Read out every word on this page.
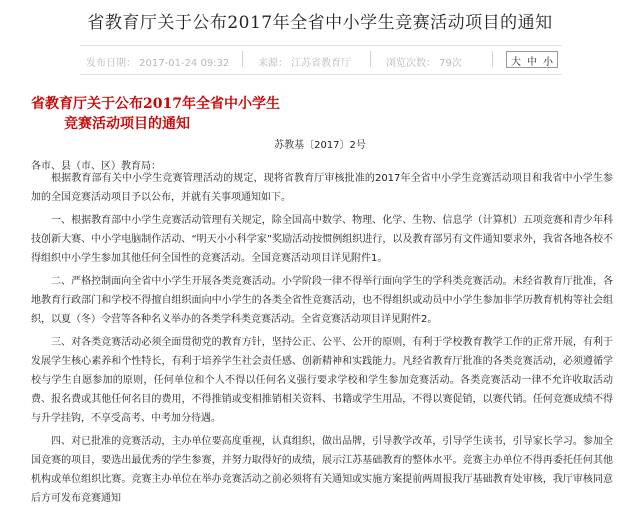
省教育厅关于公布2017年全省中小学生竞赛活动项目的通知
发布日期： 2017-01-24 09:32	来源： 江苏省教育厅	浏览次数： 79次	大 中 小
省教育厅关于公布2017年全省中小学生
竞赛活动项目的通知
苏教基〔2017〕2号
各市、县（市、区）教育局：

根据教育部有关中小学生竞赛管理活动的规定，现将省教育厅审核批准的2017年全省中小学生竞赛活动项目和我省中小学生参加的全国竞赛活动项目予以公布，并就有关事项通知如下。

一、根据教育部中小学生竞赛活动管理有关规定，除全国高中数学、物理、化学、生物、信息学（计算机）五项竞赛和青少年科技创新大赛、中小学电脑制作活动、“明天小小科学家”奖励活动按惯例组织进行，以及教育部另有文件通知要求外，我省各地各校不得组织中小学生参加其他任何全国性的竞赛活动。全国竞赛活动项目详见附件1。

二、严格控制面向全省中小学生开展各类竞赛活动。小学阶段一律不得举行面向学生的学科类竞赛活动。未经省教育厅批准，各地教育行政部门和学校不得擅自组织面向中小学生的各类全省性竞赛活动，也不得组织或动员中小学生参加非学历教育机构等社会组织，以夏（冬）令营等各种名义举办的各类学科类竞赛活动。全省竞赛活动项目详见附件2。

三、对各类竞赛活动必须全面贯彻党的教育方针，坚持公正、公平、公开的原则，有利于学校教育教学工作的正常开展，有利于发展学生核心素养和个性特长，有利于培养学生社会责任感、创新精神和实践能力。凡经省教育厅批准的各类竞赛活动，必须遵循学校与学生自愿参加的原则，任何单位和个人不得以任何名义强行要求学校和学生参加竞赛活动。各类竞赛活动一律不允许收取活动费、报名费或其他任何名目的费用，不得推销或变相推销相关资料、书籍或学生用品，不得以赛促销，以赛代销。任何竞赛成绩不得与升学挂钩，不享受高考、中考加分待遇。

四、对已批准的竞赛活动，主办单位要高度重视，认真组织，做出品牌，引导教学改革，引导学生读书，引导家长学习。参加全国竞赛的项目，要选出最优秀的学生参赛，并努力取得好的成绩，展示江苏基础教育的整体水平。竞赛主办单位不得再委托任何其他机构或单位组织比赛。竞赛主办单位在举办竞赛活动之前必须将有关通知或实施方案提前两周报我厅基础教育处审核，我厅审核同意后方可发布竞赛通知
